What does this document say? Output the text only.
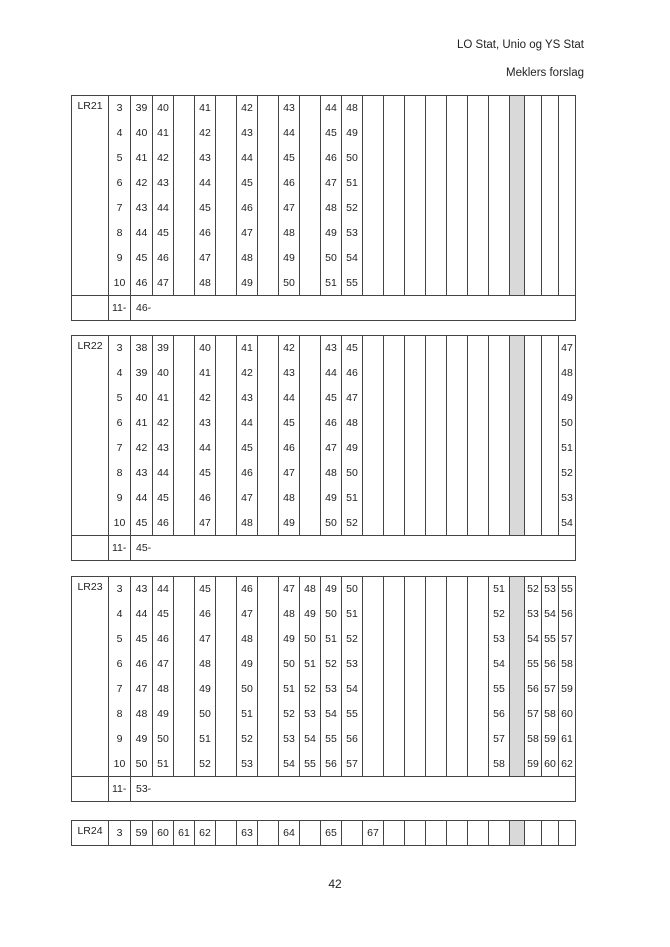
LO Stat, Unio og YS Stat
Meklers forslag
LR21	3	39	40		41		42		43		44	48											
	4	40	41		42		43		44		45	49											
	5	41	42		43		44		45		46	50											
	6	42	43		44		45		46		47	51											
	7	43	44		45		46		47		48	52											
	8	44	45		46		47		48		49	53											
	9	45	46		47		48		49		50	54											
	10	46	47		48		49		50		51	55											
	11-	46-																					
LR22	3	38	39		40		41		42		43	45											47
	4	39	40		41		42		43		44	46											48
	5	40	41		42		43		44		45	47											49
	6	41	42		43		44		45		46	48											50
	7	42	43		44		45		46		47	49											51
	8	43	44		45		46		47		48	50											52
	9	44	45		46		47		48		49	51											53
	10	45	46		47		48		49		50	52											54
	11-	45-																					
LR23	3	43	44		45		46		47	48	49	50							51		52	53	55
	4	44	45		46		47		48	49	50	51							52		53	54	56
	5	45	46		47		48		49	50	51	52							53		54	55	57
	6	46	47		48		49		50	51	52	53							54		55	56	58
	7	47	48		49		50		51	52	53	54							55		56	57	59
	8	48	49		50		51		52	53	54	55							56		57	58	60
	9	49	50		51		52		53	54	55	56							57		58	59	61
	10	50	51		52		53		54	55	56	57							58		59	60	62
	11-	53-																					
LR24	3	59	60	61	62		63		64		65		67										
42
